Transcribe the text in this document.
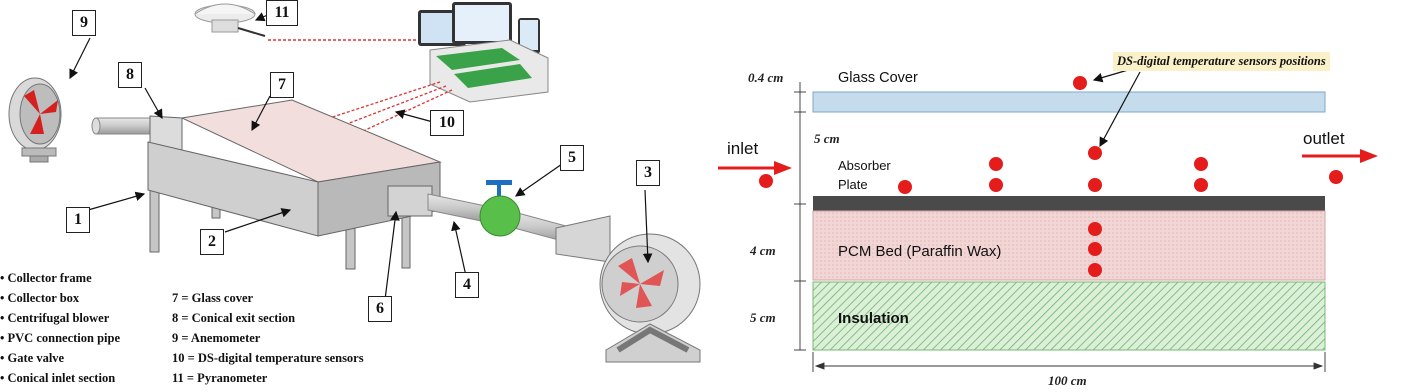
9
11
8
7
10
5
3
1
2
4
6
• Collector frame
• Collector box
• Centrifugal blower
• PVC connection pipe
• Gate valve
• Conical inlet section
7 = Glass cover
8 = Conical exit section
9 = Anemometer
10 = DS-digital temperature sensors
11 = Pyranometer
DS-digital temperature sensors positions
Glass Cover
inlet
outlet
Absorber
Plate
PCM Bed (Paraffin Wax)
Insulation
0.4 cm
5 cm
4 cm
5 cm
100 cm
